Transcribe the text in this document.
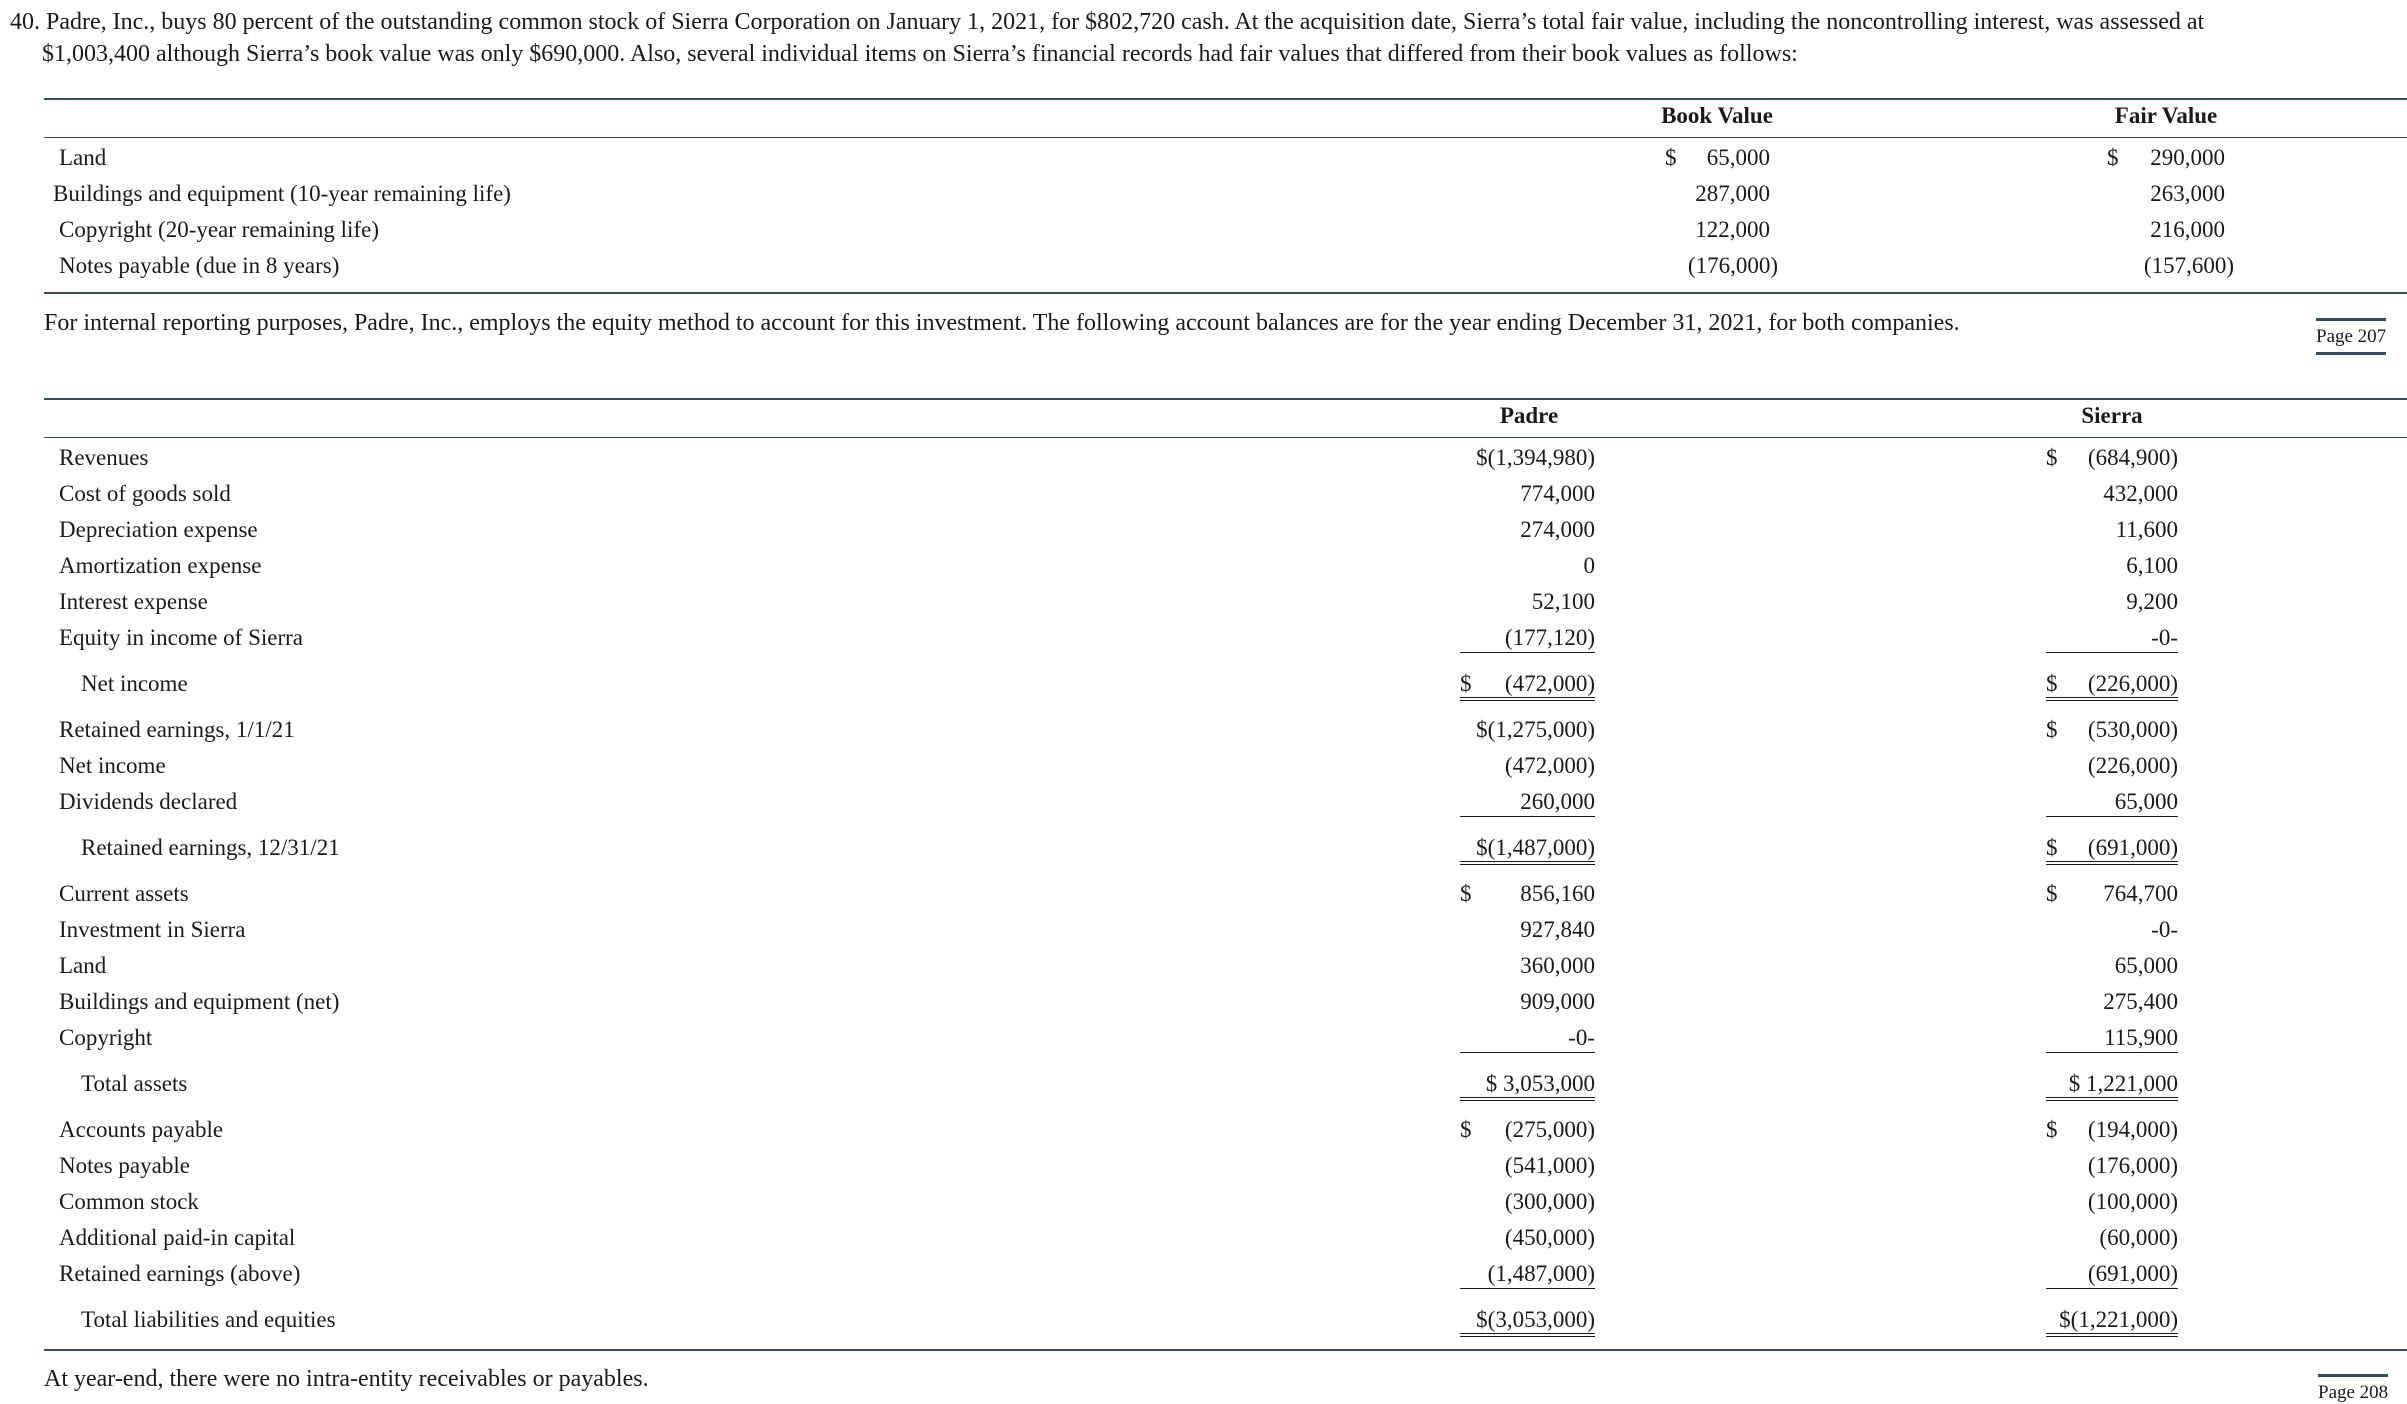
40. Padre, Inc., buys 80 percent of the outstanding common stock of Sierra Corporation on January 1, 2021, for $802,720 cash. At the acquisition date, Sierra’s total fair value, including the noncontrolling interest, was assessed at
$1,003,400 although Sierra’s book value was only $690,000. Also, several individual items on Sierra’s financial records had fair values that differed from their book values as follows:
Book Value	Fair Value
Land	$ 65,000	$ 290,000
Buildings and equipment (10-year remaining life)	287,000	263,000
Copyright (20-year remaining life)	122,000	216,000
Notes payable (due in 8 years)	(176,000)	(157,600)
For internal reporting purposes, Padre, Inc., employs the equity method to account for this investment. The following account balances are for the year ending December 31, 2021, for both companies.
Page 207
Padre	Sierra
Revenues	$(1,394,980)	$ (684,900)
Cost of goods sold	774,000	432,000
Depreciation expense	274,000	11,600
Amortization expense	0	6,100
Interest expense	52,100	9,200
Equity in income of Sierra	(177,120)	-0-
Net income	$ (472,000)	$ (226,000)
Retained earnings, 1/1/21	$(1,275,000)	$ (530,000)
Net income	(472,000)	(226,000)
Dividends declared	260,000	65,000
Retained earnings, 12/31/21	$(1,487,000)	$ (691,000)
Current assets	$ 856,160	$ 764,700
Investment in Sierra	927,840	-0-
Land	360,000	65,000
Buildings and equipment (net)	909,000	275,400
Copyright	-0-	115,900
Total assets	$ 3,053,000	$ 1,221,000
Accounts payable	$ (275,000)	$ (194,000)
Notes payable	(541,000)	(176,000)
Common stock	(300,000)	(100,000)
Additional paid-in capital	(450,000)	(60,000)
Retained earnings (above)	(1,487,000)	(691,000)
Total liabilities and equities	$(3,053,000)	$(1,221,000)
At year-end, there were no intra-entity receivables or payables.
Page 208
